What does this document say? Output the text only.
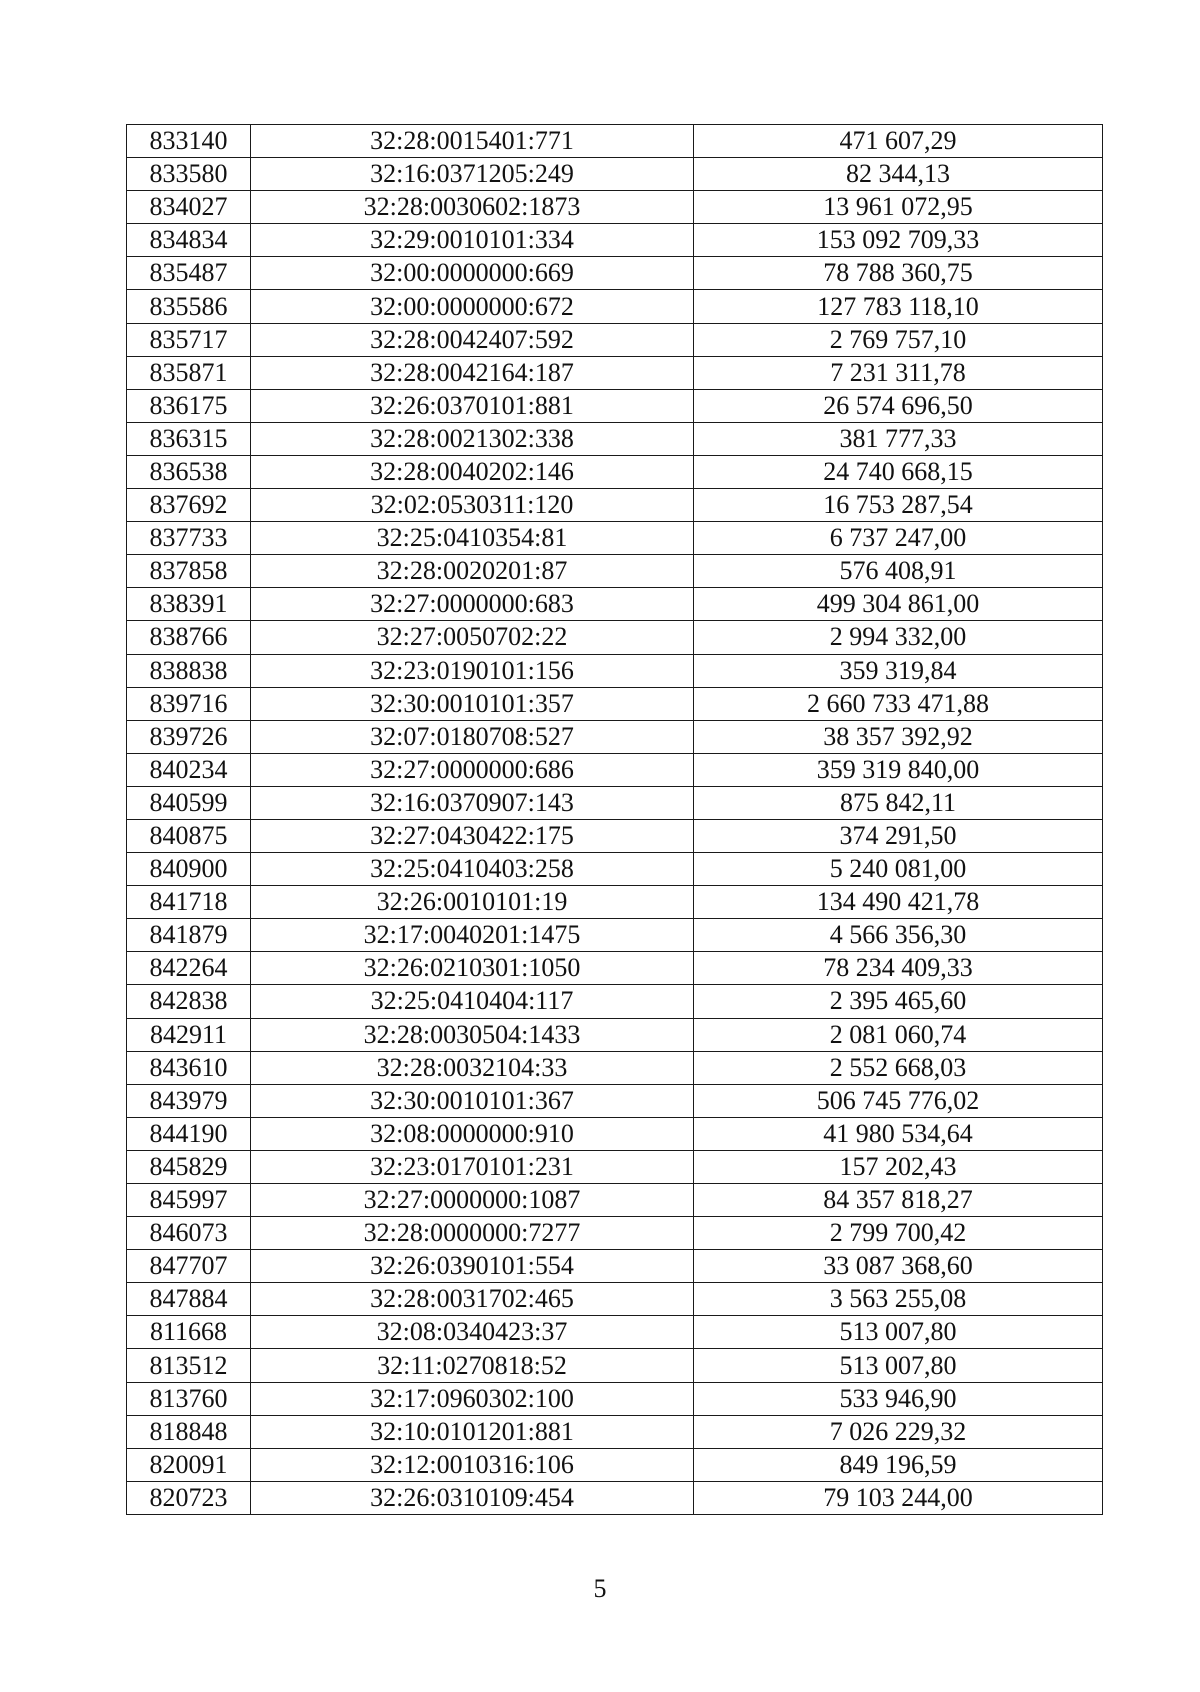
833140	32:28:0015401:771	471 607,29
833580	32:16:0371205:249	82 344,13
834027	32:28:0030602:1873	13 961 072,95
834834	32:29:0010101:334	153 092 709,33
835487	32:00:0000000:669	78 788 360,75
835586	32:00:0000000:672	127 783 118,10
835717	32:28:0042407:592	2 769 757,10
835871	32:28:0042164:187	7 231 311,78
836175	32:26:0370101:881	26 574 696,50
836315	32:28:0021302:338	381 777,33
836538	32:28:0040202:146	24 740 668,15
837692	32:02:0530311:120	16 753 287,54
837733	32:25:0410354:81	6 737 247,00
837858	32:28:0020201:87	576 408,91
838391	32:27:0000000:683	499 304 861,00
838766	32:27:0050702:22	2 994 332,00
838838	32:23:0190101:156	359 319,84
839716	32:30:0010101:357	2 660 733 471,88
839726	32:07:0180708:527	38 357 392,92
840234	32:27:0000000:686	359 319 840,00
840599	32:16:0370907:143	875 842,11
840875	32:27:0430422:175	374 291,50
840900	32:25:0410403:258	5 240 081,00
841718	32:26:0010101:19	134 490 421,78
841879	32:17:0040201:1475	4 566 356,30
842264	32:26:0210301:1050	78 234 409,33
842838	32:25:0410404:117	2 395 465,60
842911	32:28:0030504:1433	2 081 060,74
843610	32:28:0032104:33	2 552 668,03
843979	32:30:0010101:367	506 745 776,02
844190	32:08:0000000:910	41 980 534,64
845829	32:23:0170101:231	157 202,43
845997	32:27:0000000:1087	84 357 818,27
846073	32:28:0000000:7277	2 799 700,42
847707	32:26:0390101:554	33 087 368,60
847884	32:28:0031702:465	3 563 255,08
811668	32:08:0340423:37	513 007,80
813512	32:11:0270818:52	513 007,80
813760	32:17:0960302:100	533 946,90
818848	32:10:0101201:881	7 026 229,32
820091	32:12:0010316:106	849 196,59
820723	32:26:0310109:454	79 103 244,00
5
